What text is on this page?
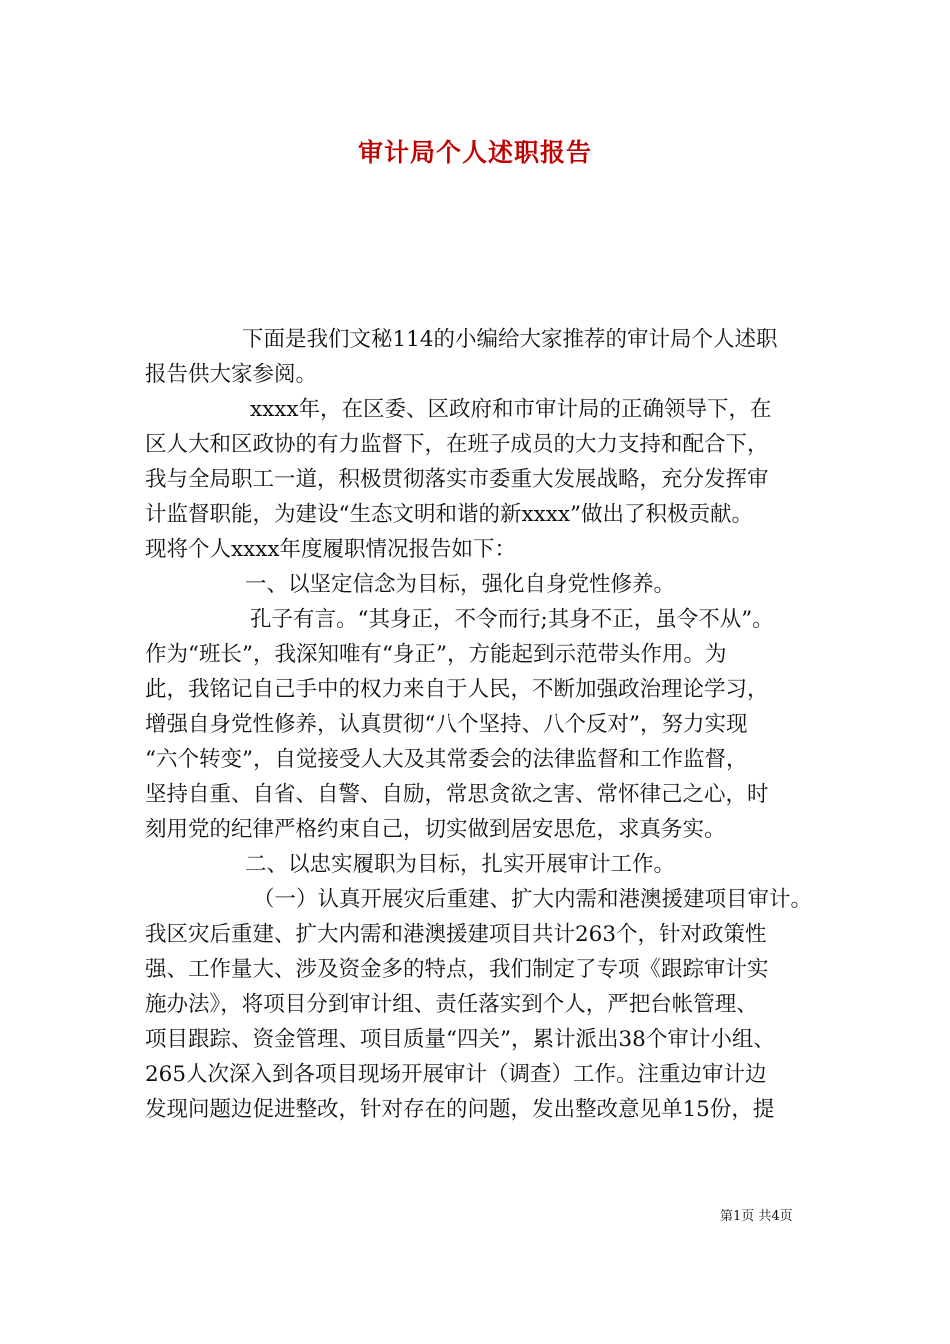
审计局个人述职报告
下面是我们文秘114的小编给大家推荐的审计局个人述职
报告供大家参阅。
xxxx年，在区委、区政府和市审计局的正确领导下，在
区人大和区政协的有力监督下，在班子成员的大力支持和配合下，
我与全局职工一道，积极贯彻落实市委重大发展战略，充分发挥审
计监督职能，为建设“生态文明和谐的新xxxx”做出了积极贡献。
现将个人xxxx年度履职情况报告如下：
一、以坚定信念为目标，强化自身党性修养。
孔子有言。“其身正，不令而行;其身不正，虽令不从”。
作为“班长”，我深知唯有“身正”，方能起到示范带头作用。为
此，我铭记自己手中的权力来自于人民，不断加强政治理论学习，
增强自身党性修养，认真贯彻“八个坚持、八个反对”，努力实现
“六个转变”，自觉接受人大及其常委会的法律监督和工作监督，
坚持自重、自省、自警、自励，常思贪欲之害、常怀律己之心，时
刻用党的纪律严格约束自己，切实做到居安思危，求真务实。
二、以忠实履职为目标，扎实开展审计工作。
（一）认真开展灾后重建、扩大内需和港澳援建项目审计。
我区灾后重建、扩大内需和港澳援建项目共计263个，针对政策性
强、工作量大、涉及资金多的特点，我们制定了专项《跟踪审计实
施办法》，将项目分到审计组、责任落实到个人，严把台帐管理、
项目跟踪、资金管理、项目质量“四关”，累计派出38个审计小组、
265人次深入到各项目现场开展审计（调查）工作。注重边审计边
发现问题边促进整改，针对存在的问题，发出整改意见单15份，提
第1页 共4页
